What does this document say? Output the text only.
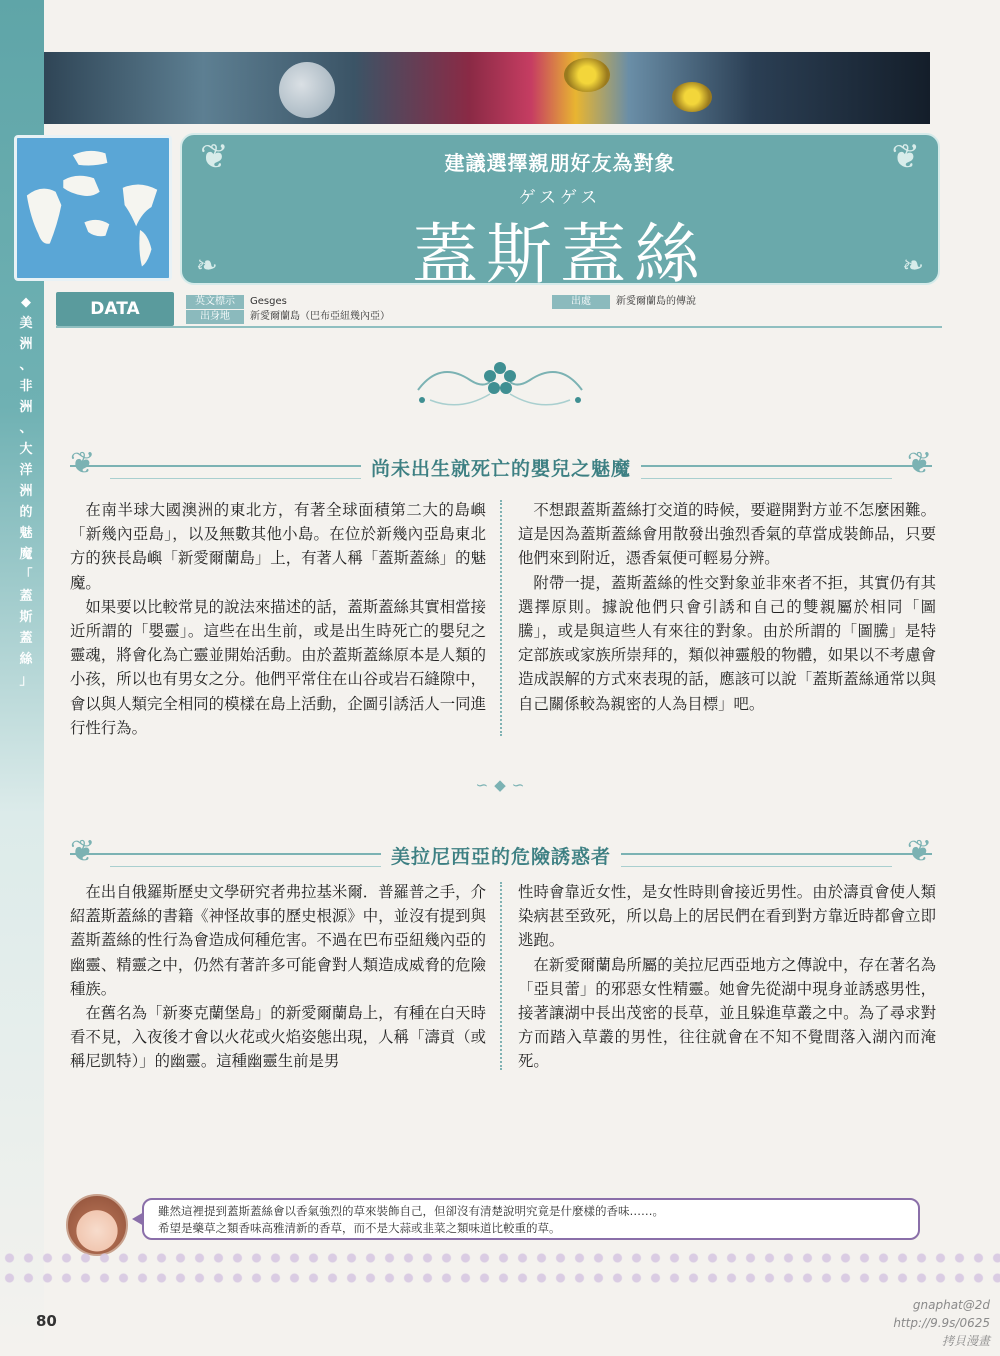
◆
美
洲
、
非
洲
、
大
洋
洲
的
魅
魔
「
蓋
斯
蓋
絲
」
❦	❦
❧	❧
建議選擇親朋好友為對象
ゲスゲス
蓋斯蓋絲
DATA	英文標示 Gesges
出身地 新愛爾蘭島（巴布亞紐幾內亞）
出處	新愛爾蘭島的傳說
❦	❦
尚未出生就死亡的嬰兒之魅魔

在南半球大國澳洲的東北方，有著全球面積第二大的島嶼「新幾內亞島」，以及無數其他小島。在位於新幾內亞島東北方的狹長島嶼「新愛爾蘭島」上，有著人稱「蓋斯蓋絲」的魅魔。

如果要以比較常見的說法來描述的話，蓋斯蓋絲其實相當接近所謂的「嬰靈」。這些在出生前，或是出生時死亡的嬰兒之靈魂，將會化為亡靈並開始活動。由於蓋斯蓋絲原本是人類的小孩，所以也有男女之分。他們平常住在山谷或岩石縫隙中，會以與人類完全相同的模樣在島上活動，企圖引誘活人一同進行性行為。

不想跟蓋斯蓋絲打交道的時候，要避開對方並不怎麼困難。這是因為蓋斯蓋絲會用散發出強烈香氣的草當成裝飾品，只要他們來到附近，憑香氣便可輕易分辨。

附帶一提，蓋斯蓋絲的性交對象並非來者不拒，其實仍有其選擇原則。據說他們只會引誘和自己的雙親屬於相同「圖騰」，或是與這些人有來往的對象。由於所謂的「圖騰」是特定部族或家族所崇拜的，類似神靈般的物體，如果以不考慮會造成誤解的方式來表現的話，應該可以說「蓋斯蓋絲通常以與自己關係較為親密的人為目標」吧。

∽◆∽
❦	❦
美拉尼西亞的危險誘惑者

在出自俄羅斯歷史文學研究者弗拉基米爾．普羅普之手，介紹蓋斯蓋絲的書籍《神怪故事的歷史根源》中，並沒有提到與蓋斯蓋絲的性行為會造成何種危害。不過在巴布亞紐幾內亞的幽靈、精靈之中，仍然有著許多可能會對人類造成威脅的危險種族。

在舊名為「新麥克蘭堡島」的新愛爾蘭島上，有種在白天時看不見，入夜後才會以火花或火焰姿態出現，人稱「濤貢（或稱尼凱特）」的幽靈。這種幽靈生前是男

性時會靠近女性，是女性時則會接近男性。由於濤貢會使人類染病甚至致死，所以島上的居民們在看到對方靠近時都會立即逃跑。

在新愛爾蘭島所屬的美拉尼西亞地方之傳說中，存在著名為「亞貝蕾」的邪惡女性精靈。她會先從湖中現身並誘惑男性，接著讓湖中長出茂密的長草，並且躲進草叢之中。為了尋求對方而踏入草叢的男性，往往就會在不知不覺間落入湖內而淹死。

雖然這裡提到蓋斯蓋絲會以香氣強烈的草來裝飾自己，但卻沒有清楚說明究竟是什麼樣的香味……。
希望是藥草之類香味高雅清新的香草，而不是大蒜或韭菜之類味道比較重的草。
80
gnaphat@2d
http://9.9s/0625
拷貝漫畫
